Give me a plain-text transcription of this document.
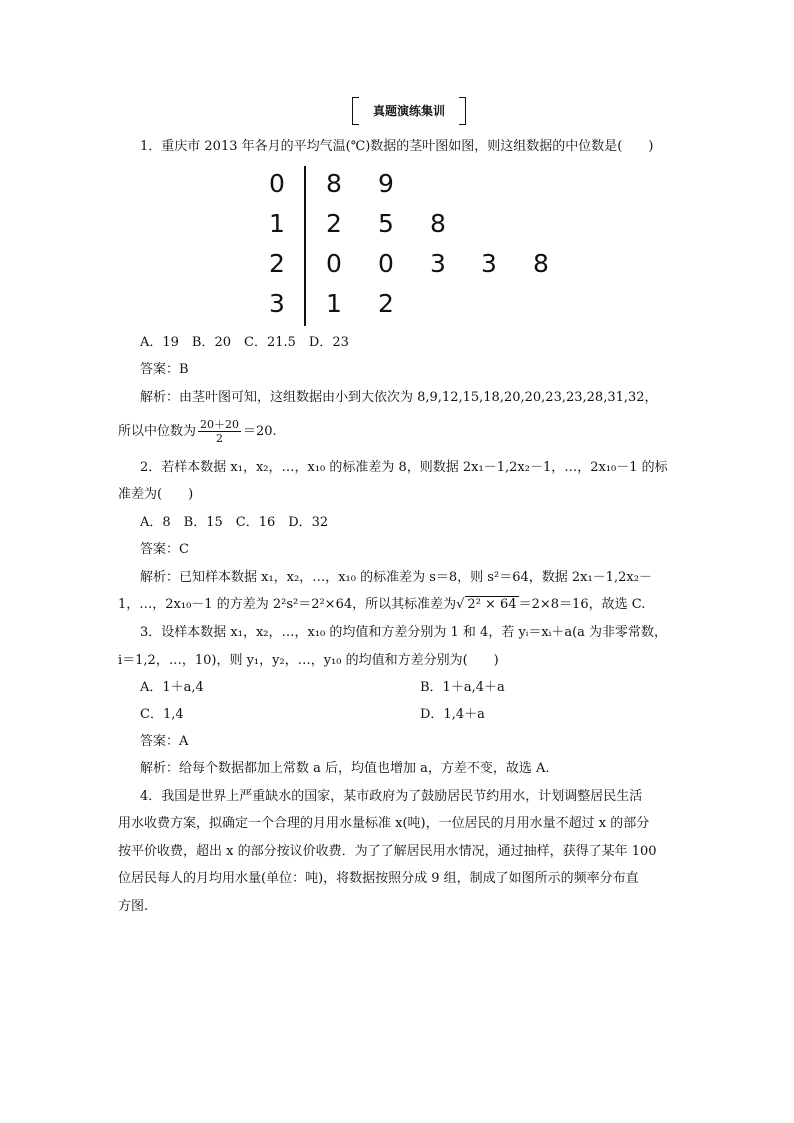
真题演练集训
1．重庆市 2013 年各月的平均气温(℃)数据的茎叶图如图，则这组数据的中位数是(　　)
0 8 9
1 2 5 8
2 0 0 3 3 8
3 1 2
A．19　B．20　C．21.5　D．23
答案：B
解析：由茎叶图可知，这组数据由小到大依次为 8,9,12,15,18,20,20,23,23,28,31,32，
所以中位数为 $\frac{20+20}{2} =20$.
2．若样本数据 x₁，x₂，…，x₁₀ 的标准差为 8，则数据 2x₁－1,2x₂－1，…，2x₁₀－1 的标
准差为(　　)
A．8　B．15　C．16　D．32
答案：C
解析：已知样本数据 x₁，x₂，…，x₁₀ 的标准差为 s＝8，则 s²＝64，数据 2x₁－1,2x₂－
1，…，2x₁₀－1 的方差为 2²s²＝2²×64，所以其标准差为√ 2² × 64 ＝2×8＝16，故选 C.
3．设样本数据 x₁，x₂，…，x₁₀ 的均值和方差分别为 1 和 4，若 yᵢ＝xᵢ＋a(a 为非零常数，
i＝1,2，…，10)，则 y₁，y₂，…，y₁₀ 的均值和方差分别为(　　)
A．1＋a,4	B．1＋a,4＋a
C．1,4	D．1,4＋a
答案：A
解析：给每个数据都加上常数 a 后，均值也增加 a，方差不变，故选 A.
4．我国是世界上严重缺水的国家，某市政府为了鼓励居民节约用水，计划调整居民生活
用水收费方案，拟确定一个合理的月用水量标准 x(吨)，一位居民的月用水量不超过 x 的部分
按平价收费，超出 x 的部分按议价收费．为了了解居民用水情况，通过抽样，获得了某年 100
位居民每人的月均用水量(单位：吨)，将数据按照分成 9 组，制成了如图所示的频率分布直
方图.
